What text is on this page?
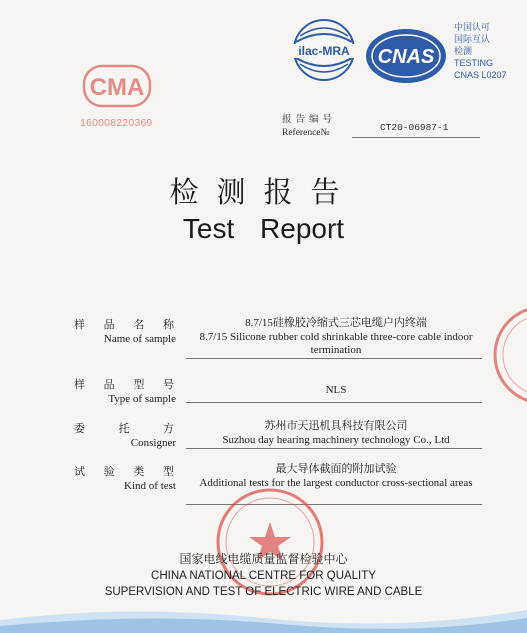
CMA
160008220369
ilac-MRA CNAS
中国认可
国际互认
检测
TESTING
CNAS L0207
报告编号
Reference№	CT20-06987-1
检测报告
Test Report
样 品 名 称
Name of sample
8.7/15硅橡胶冷缩式三芯电缆户内终端
8.7/15 Silicone rubber cold shrinkable three-core cable indoor termination
样 品 型 号
Type of sample
NLS
委	托	方
Consigner
苏州市天迅机具科技有限公司
Suzhou day hearing machinery technology Co., Ltd
试 验 类 型
Kind of test
最大导体截面的附加试验
Additional tests for the largest conductor cross-sectional areas
国家电线电缆质量监督检验中心
CHINA NATIONAL CENTRE FOR QUALITY
SUPERVISION AND TEST OF ELECTRIC WIRE AND CABLE
